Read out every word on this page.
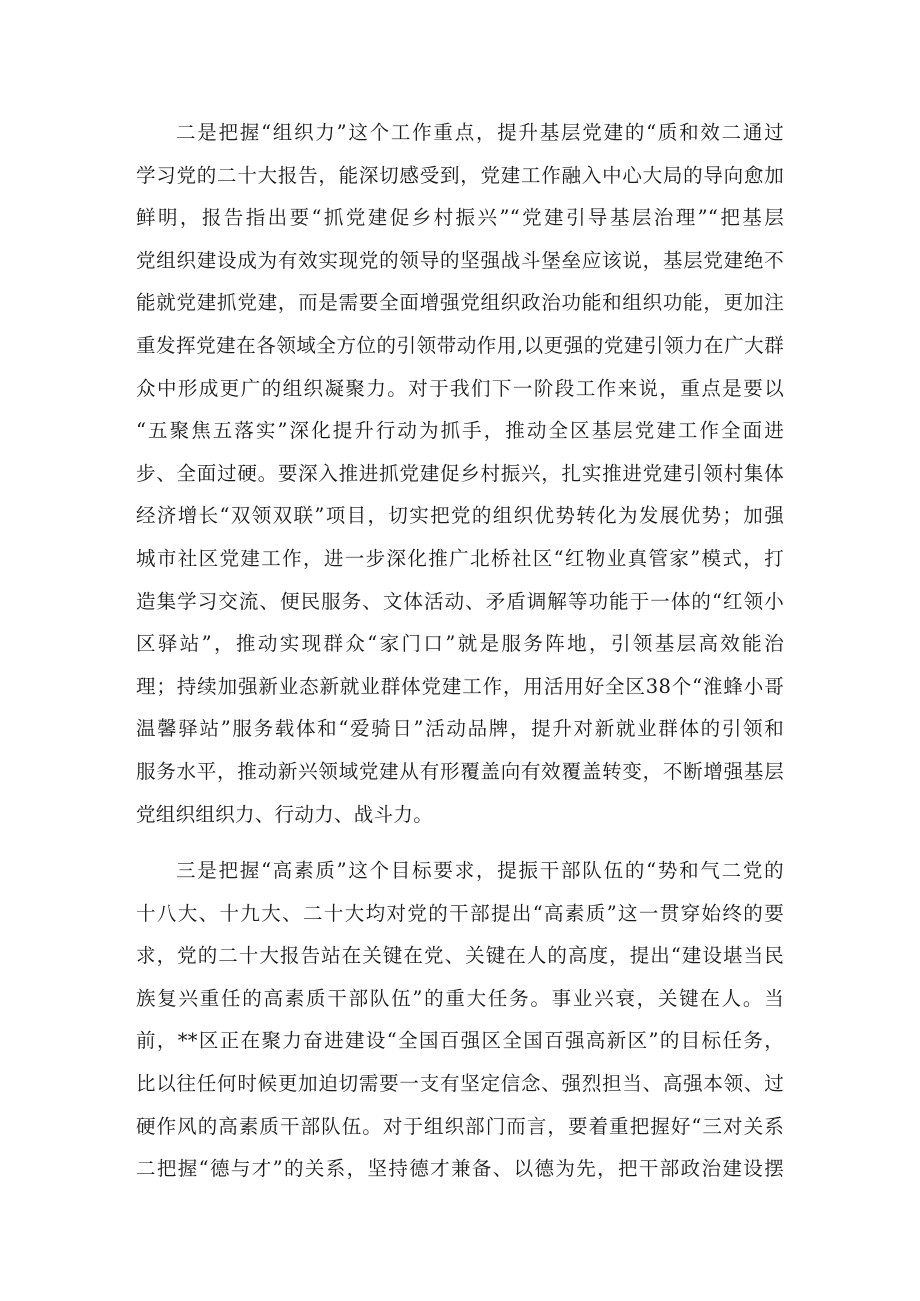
二是把握“组织力”这个工作重点，提升基层党建的“质和效二通过
学习党的二十大报告，能深切感受到，党建工作融入中心大局的导向愈加
鲜明，报告指出要“抓党建促乡村振兴”“党建引导基层治理”“把基层
党组织建设成为有效实现党的领导的坚强战斗堡垒应该说，基层党建绝不
能就党建抓党建，而是需要全面增强党组织政治功能和组织功能，更加注
重发挥党建在各领域全方位的引领带动作用,以更强的党建引领力在广大群
众中形成更广的组织凝聚力。对于我们下一阶段工作来说，重点是要以
“五聚焦五落实”深化提升行动为抓手，推动全区基层党建工作全面进
步、全面过硬。要深入推进抓党建促乡村振兴，扎实推进党建引领村集体
经济增长“双领双联”项目，切实把党的组织优势转化为发展优势；加强
城市社区党建工作，进一步深化推广北桥社区“红物业真管家”模式，打
造集学习交流、便民服务、文体活动、矛盾调解等功能于一体的“红领小
区驿站”，推动实现群众“家门口”就是服务阵地，引领基层高效能治
理；持续加强新业态新就业群体党建工作，用活用好全区38个“淮蜂小哥
温馨驿站”服务载体和“爱骑日”活动品牌，提升对新就业群体的引领和
服务水平，推动新兴领域党建从有形覆盖向有效覆盖转变，不断增强基层
党组织组织力、行动力、战斗力。
三是把握“高素质”这个目标要求，提振干部队伍的“势和气二党的
十八大、十九大、二十大均对党的干部提出“高素质”这一贯穿始终的要
求，党的二十大报告站在关键在党、关键在人的高度，提出“建设堪当民
族复兴重任的高素质干部队伍”的重大任务。事业兴衰，关键在人。当
前，**区正在聚力奋进建设“全国百强区全国百强高新区”的目标任务，
比以往任何时候更加迫切需要一支有坚定信念、强烈担当、高强本领、过
硬作风的高素质干部队伍。对于组织部门而言，要着重把握好“三对关系
二把握“德与才”的关系，坚持德才兼备、以德为先，把干部政治建设摆
